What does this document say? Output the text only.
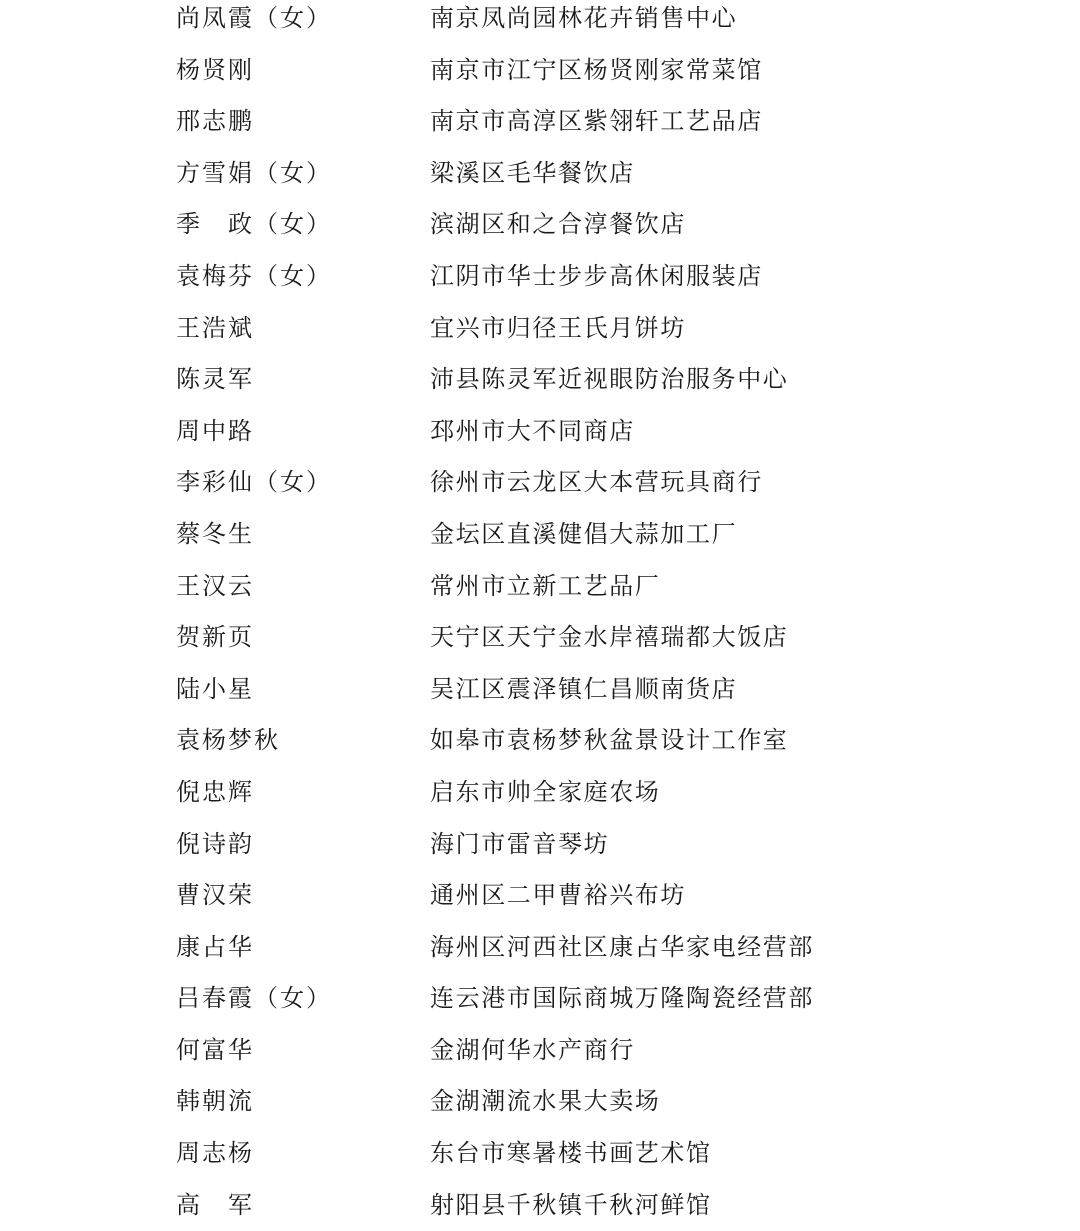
尚凤霞（女）	南京凤尚园林花卉销售中心
杨贤刚	南京市江宁区杨贤刚家常菜馆
邢志鹏	南京市高淳区紫翎轩工艺品店
方雪娟（女）	梁溪区毛华餐饮店
季　政（女）	滨湖区和之合淳餐饮店
袁梅芬（女）	江阴市华士步步高休闲服装店
王浩斌	宜兴市归径王氏月饼坊
陈灵军	沛县陈灵军近视眼防治服务中心
周中路	邳州市大不同商店
李彩仙（女）	徐州市云龙区大本营玩具商行
蔡冬生	金坛区直溪健倡大蒜加工厂
王汉云	常州市立新工艺品厂
贺新页	天宁区天宁金水岸禧瑞都大饭店
陆小星	吴江区震泽镇仁昌顺南货店
袁杨梦秋	如皋市袁杨梦秋盆景设计工作室
倪忠辉	启东市帅全家庭农场
倪诗韵	海门市雷音琴坊
曹汉荣	通州区二甲曹裕兴布坊
康占华	海州区河西社区康占华家电经营部
吕春霞（女）	连云港市国际商城万隆陶瓷经营部
何富华	金湖何华水产商行
韩朝流	金湖潮流水果大卖场
周志杨	东台市寒暑楼书画艺术馆
高　军	射阳县千秋镇千秋河鲜馆
